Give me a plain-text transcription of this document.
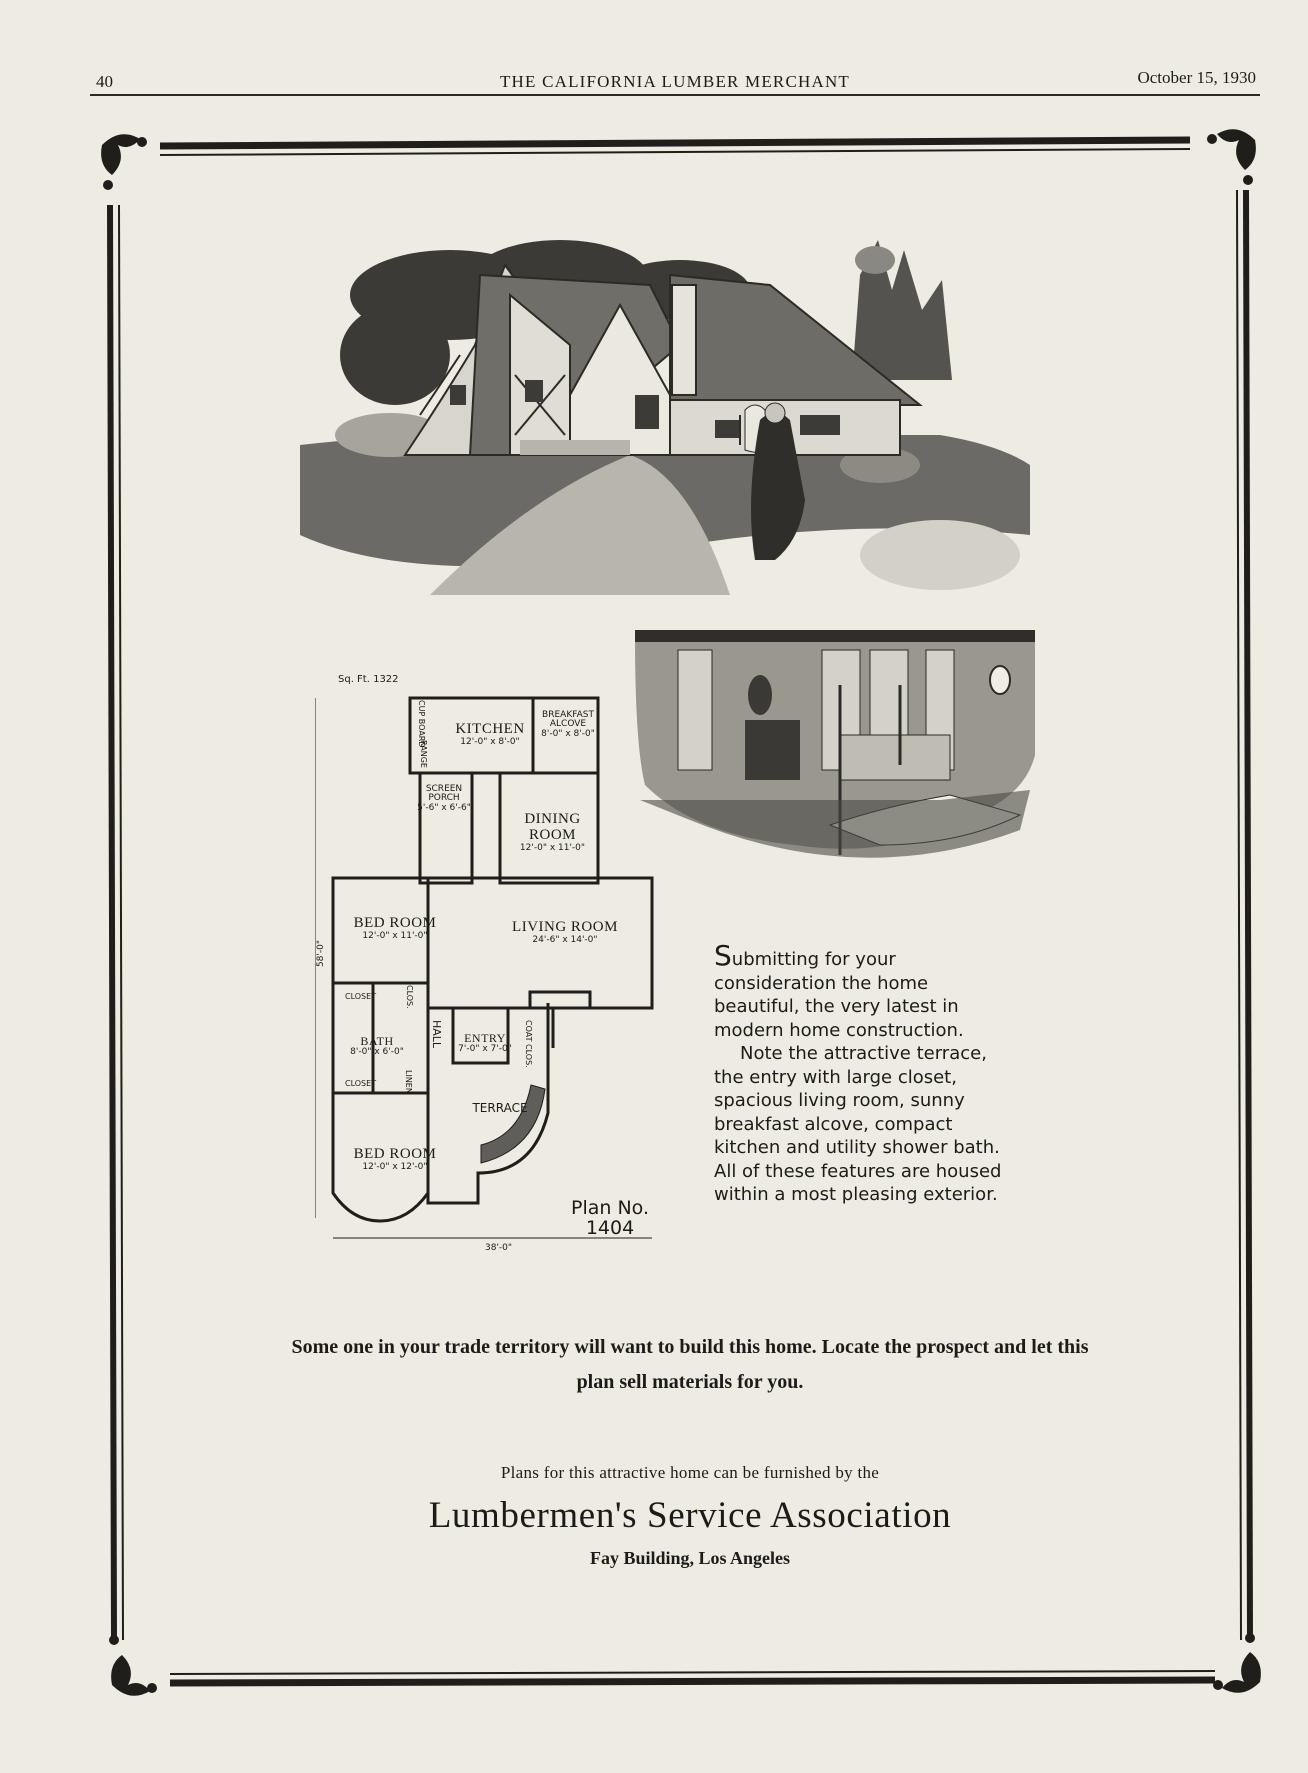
40	THE CALIFORNIA LUMBER MERCHANT	October 15, 1930
Sq. Ft. 1322
KITCHEN
12'-0" x 8'-0"
BREAKFAST
ALCOVE
8'-0" x 8'-0"
SCREEN
PORCH
5'-6" x 6'-6"
DINING ROOM
12'-0" x 11'-0"
BED ROOM
12'-0" x 11'-0"
LIVING ROOM
24'-6" x 14'-0"
ENTRY
7'-0" x 7'-0"
BATH
8'-0" x 6'-0"
BED ROOM
12'-0" x 12'-0"
TERRACE
CLOSET
CLOSET
CUP BOARD
RANGE
HALL	COAT CLOS.
LINEN
CLOS.
58'-0"
38'-0"
Plan No.
1404

Submitting for your consideration the home beautiful, the very latest in modern home construction.

Note the attractive terrace, the entry with large closet, spacious living room, sunny breakfast alcove, compact kitchen and utility shower bath. All of these features are housed within a most pleasing exterior.

Some one in your trade territory will want to build this home. Locate the prospect and let this plan sell materials for you.
Plans for this attractive home can be furnished by the
Lumbermen's Service Association
Fay Building, Los Angeles
